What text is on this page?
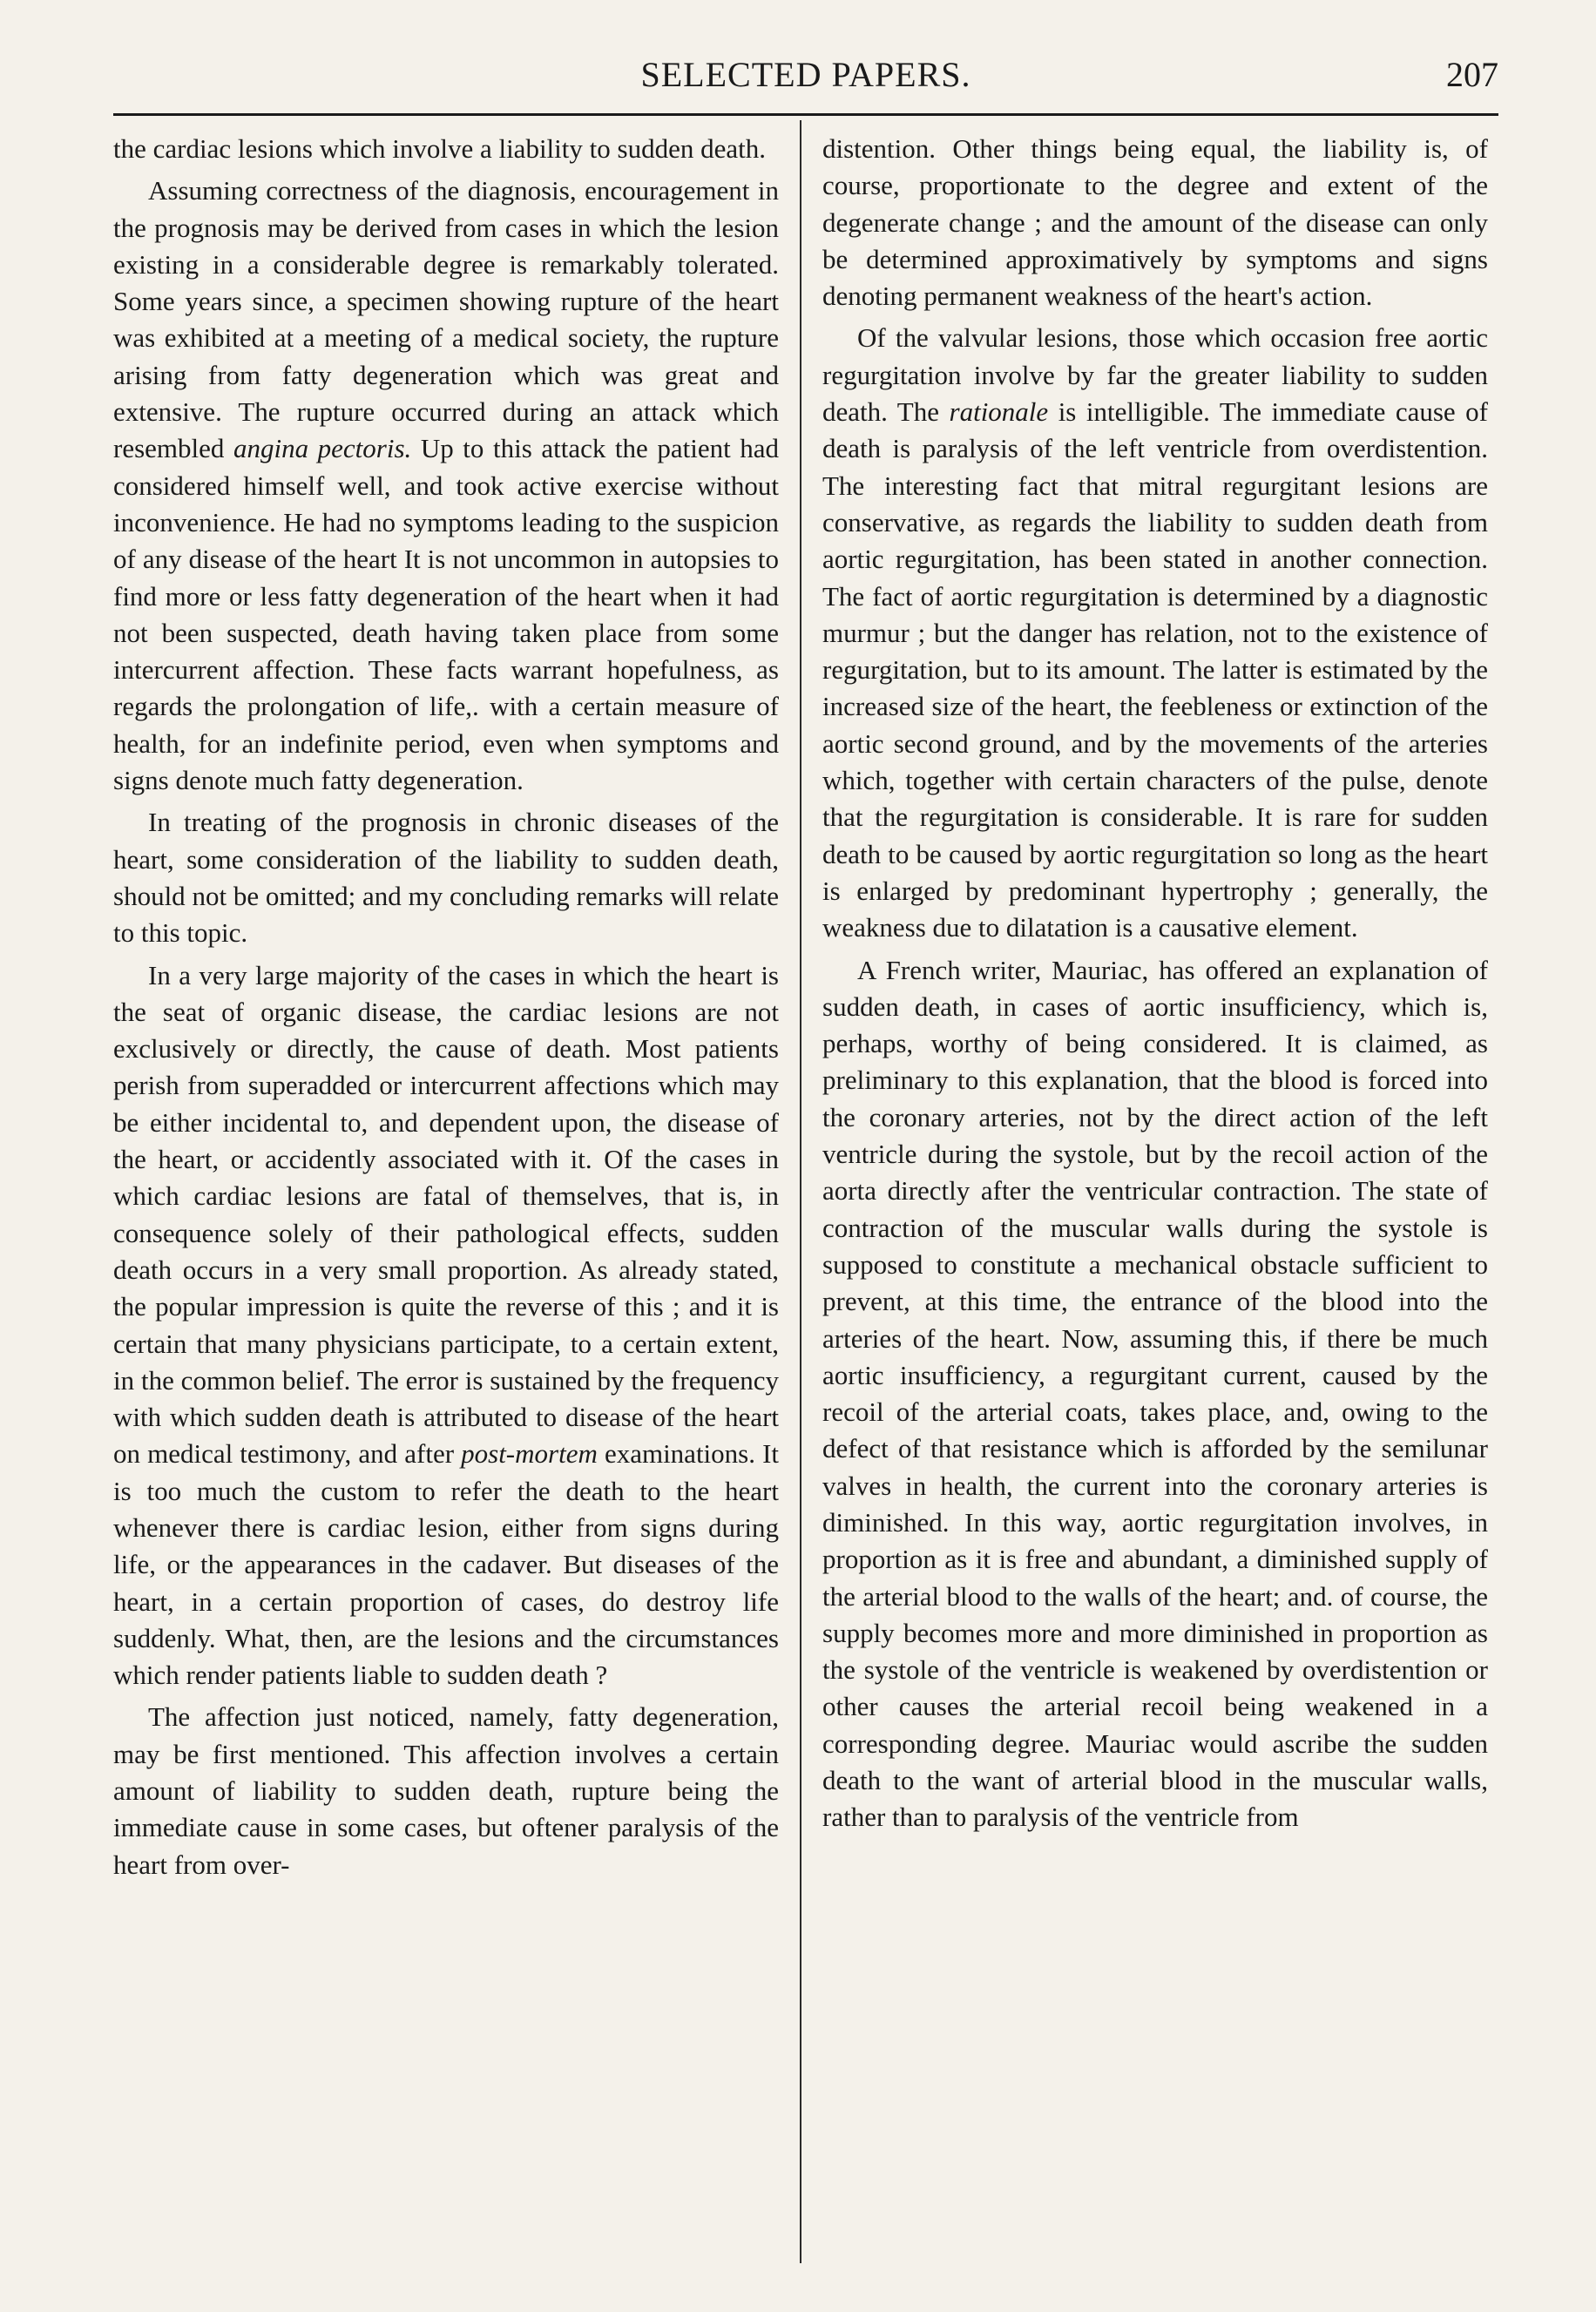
SELECTED PAPERS.	207

the cardiac lesions which involve a liability to sudden death.

Assuming correctness of the diagnosis, encouragement in the prognosis may be derived from cases in which the lesion existing in a considerable degree is remarkably tolerated. Some years since, a specimen showing rupture of the heart was exhibited at a meeting of a medical society, the rupture arising from fatty degeneration which was great and extensive. The rupture occurred during an attack which resembled angina pectoris. Up to this attack the patient had considered himself well, and took active exercise without inconvenience. He had no symptoms leading to the suspicion of any disease of the heart It is not uncommon in autopsies to find more or less fatty degeneration of the heart when it had not been suspected, death having taken place from some intercurrent affection. These facts warrant hopefulness, as regards the prolongation of life,. with a certain measure of health, for an indefinite period, even when symptoms and signs denote much fatty degeneration.

In treating of the prognosis in chronic diseases of the heart, some consideration of the liability to sudden death, should not be omitted; and my concluding remarks will relate to this topic.

In a very large majority of the cases in which the heart is the seat of organic disease, the cardiac lesions are not exclusively or directly, the cause of death. Most patients perish from superadded or intercurrent affections which may be either incidental to, and dependent upon, the disease of the heart, or accidently associated with it. Of the cases in which cardiac lesions are fatal of themselves, that is, in consequence solely of their pathological effects, sudden death occurs in a very small proportion. As already stated, the popular impression is quite the reverse of this ; and it is certain that many physicians participate, to a certain extent, in the common belief. The error is sustained by the frequency with which sudden death is attributed to disease of the heart on medical testimony, and after post-mortem examinations. It is too much the custom to refer the death to the heart whenever there is cardiac lesion, either from signs during life, or the appearances in the cadaver. But diseases of the heart, in a certain proportion of cases, do destroy life suddenly. What, then, are the lesions and the circumstances which render patients liable to sudden death ?

The affection just noticed, namely, fatty degeneration, may be first mentioned. This affection involves a certain amount of liability to sudden death, rupture being the immediate cause in some cases, but oftener paralysis of the heart from over-

distention. Other things being equal, the liability is, of course, proportionate to the degree and extent of the degenerate change ; and the amount of the disease can only be determined approximatively by symptoms and signs denoting permanent weakness of the heart's action.

Of the valvular lesions, those which occasion free aortic regurgitation involve by far the greater liability to sudden death. The rationale is intelligible. The immediate cause of death is paralysis of the left ventricle from overdistention. The interesting fact that mitral regurgitant lesions are conservative, as regards the liability to sudden death from aortic regurgitation, has been stated in another connection. The fact of aortic regurgitation is determined by a diagnostic murmur ; but the danger has relation, not to the existence of regurgitation, but to its amount. The latter is estimated by the increased size of the heart, the feebleness or extinction of the aortic second ground, and by the movements of the arteries which, together with certain characters of the pulse, denote that the regurgitation is considerable. It is rare for sudden death to be caused by aortic regurgitation so long as the heart is enlarged by predominant hypertrophy ; generally, the weakness due to dilatation is a causative element.

A French writer, Mauriac, has offered an explanation of sudden death, in cases of aortic insufficiency, which is, perhaps, worthy of being considered. It is claimed, as preliminary to this explanation, that the blood is forced into the coronary arteries, not by the direct action of the left ventricle during the systole, but by the recoil action of the aorta directly after the ventricular contraction. The state of contraction of the muscular walls during the systole is supposed to constitute a mechanical obstacle sufficient to prevent, at this time, the entrance of the blood into the arteries of the heart. Now, assuming this, if there be much aortic insufficiency, a regurgitant current, caused by the recoil of the arterial coats, takes place, and, owing to the defect of that resistance which is afforded by the semilunar valves in health, the current into the coronary arteries is diminished. In this way, aortic regurgitation involves, in proportion as it is free and abundant, a diminished supply of the arterial blood to the walls of the heart; and. of course, the supply becomes more and more diminished in proportion as the systole of the ventricle is weakened by overdistention or other causes the arterial recoil being weakened in a corresponding degree. Mauriac would ascribe the sudden death to the want of arterial blood in the muscular walls, rather than to paralysis of the ventricle from
